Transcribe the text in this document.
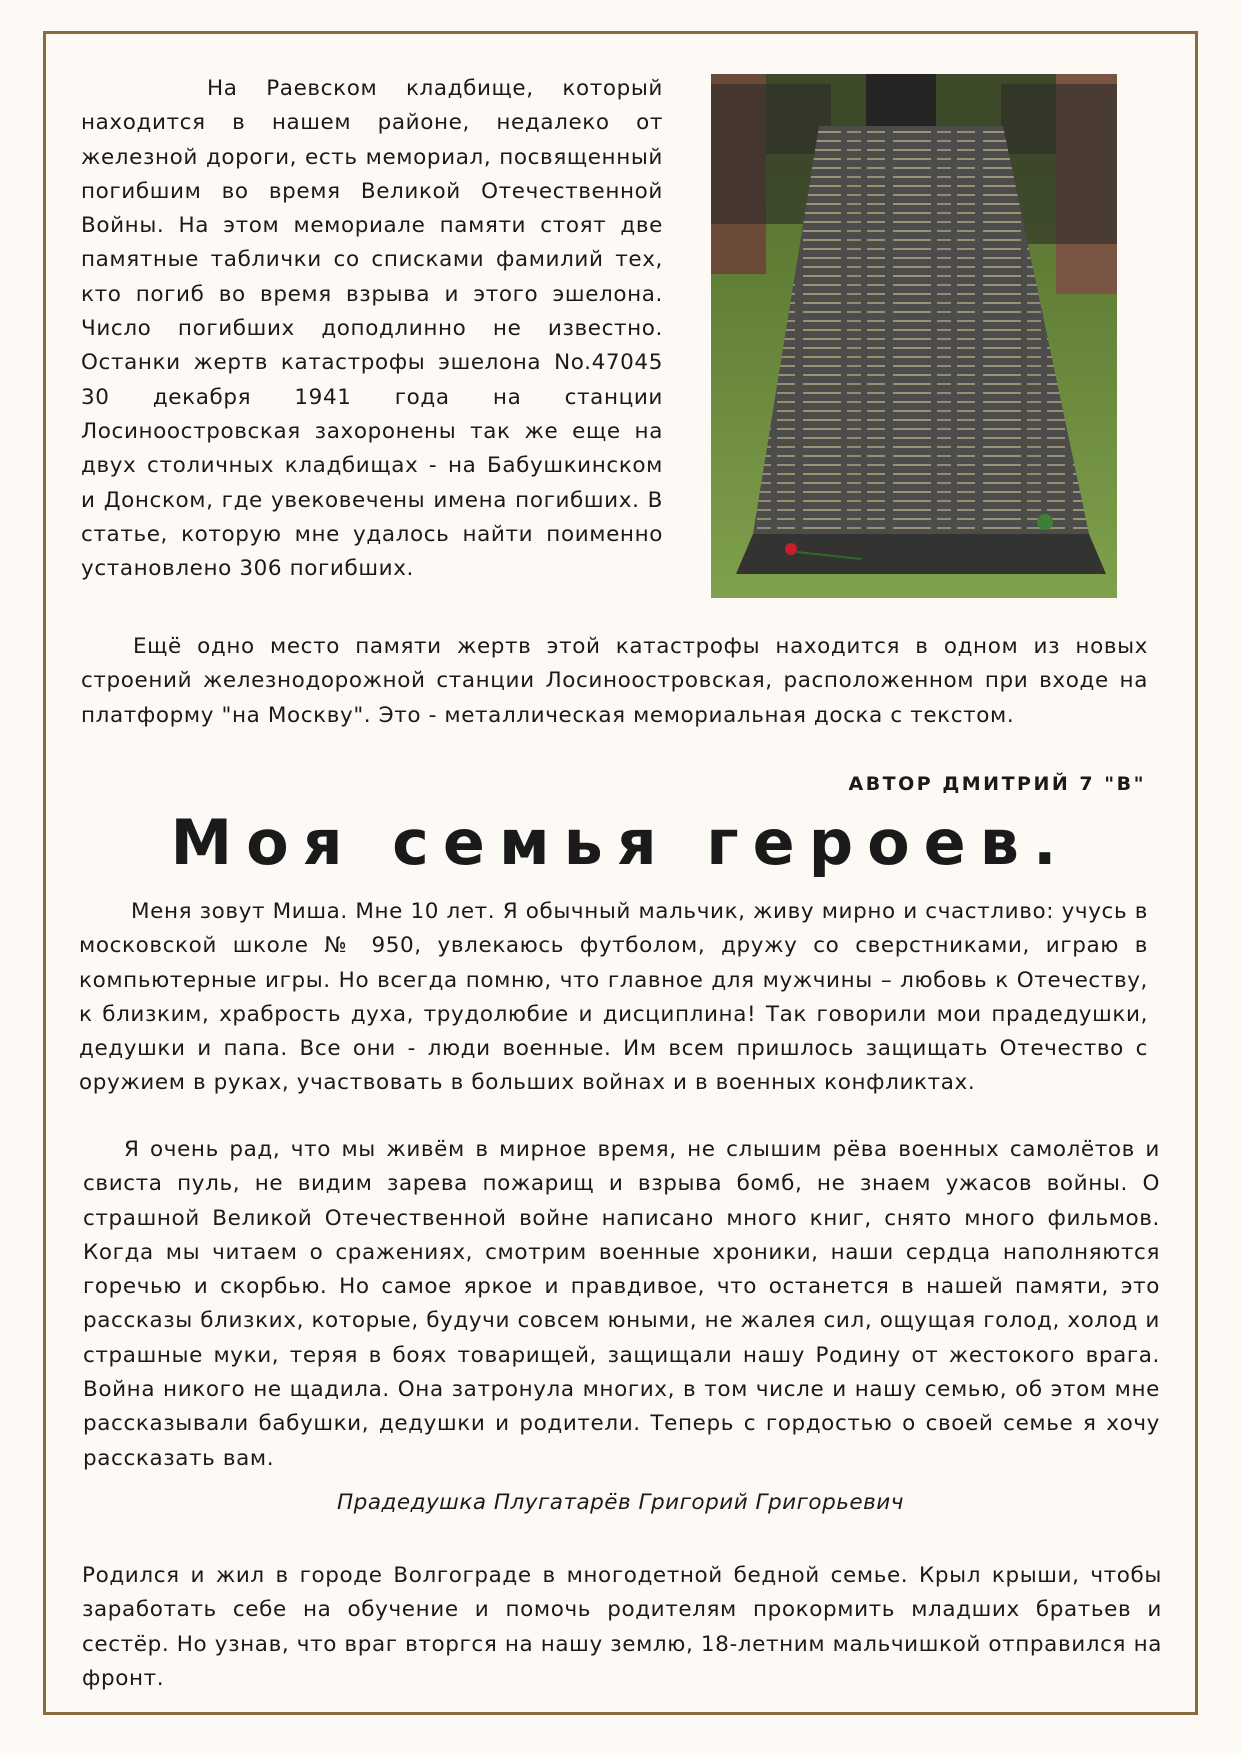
На Раевском кладбище, который находится в нашем районе, недалеко от железной дороги, есть мемориал, посвященный погибшим во время Великой Отечественной Войны. На этом мемориале памяти стоят две памятные таблички со списками фамилий тех, кто погиб во время взрыва и этого эшелона. Число погибших доподлинно не известно. Останки жертв катастрофы эшелона No.47045 30 декабря 1941 года на станции Лосиноостровская захоронены так же еще на двух столичных кладбищах - на Бабушкинском и Донском, где увековечены имена погибших. В статье, которую мне удалось найти поименно установлено 306 погибших.

Ещё одно место памяти жертв этой катастрофы находится в одном из новых строений железнодорожной станции Лосиноостровская, расположенном при входе на платформу "на Москву". Это - металлическая мемориальная доска с текстом.

АВТОР ДМИТРИЙ 7 "В"
Моя семья героев.

Меня зовут Миша. Мне 10 лет. Я обычный мальчик, живу мирно и счастливо: учусь в московской школе № 950, увлекаюсь футболом, дружу со сверстниками, играю в компьютерные игры. Но всегда помню, что главное для мужчины – любовь к Отечеству, к близким, храбрость духа, трудолюбие и дисциплина! Так говорили мои прадедушки, дедушки и папа. Все они - люди военные. Им всем пришлось защищать Отечество с оружием в руках, участвовать в больших войнах и в военных конфликтах.

Я очень рад, что мы живём в мирное время, не слышим рёва военных самолётов и свиста пуль, не видим зарева пожарищ и взрыва бомб, не знаем ужасов войны. О страшной Великой Отечественной войне написано много книг, снято много фильмов. Когда мы читаем о сражениях, смотрим военные хроники, наши сердца наполняются горечью и скорбью. Но самое яркое и правдивое, что останется в нашей памяти, это рассказы близких, которые, будучи совсем юными, не жалея сил, ощущая голод, холод и страшные муки, теряя в боях товарищей, защищали нашу Родину от жестокого врага. Война никого не щадила. Она затронула многих, в том числе и нашу семью, об этом мне рассказывали бабушки, дедушки и родители. Теперь с гордостью о своей семье я хочу рассказать вам.

Прадедушка Плугатарёв Григорий Григорьевич

Родился и жил в городе Волгограде в многодетной бедной семье. Крыл крыши, чтобы заработать себе на обучение и помочь родителям прокормить младших братьев и сестёр. Но узнав, что враг вторгся на нашу землю, 18-летним мальчишкой отправился на фронт.
